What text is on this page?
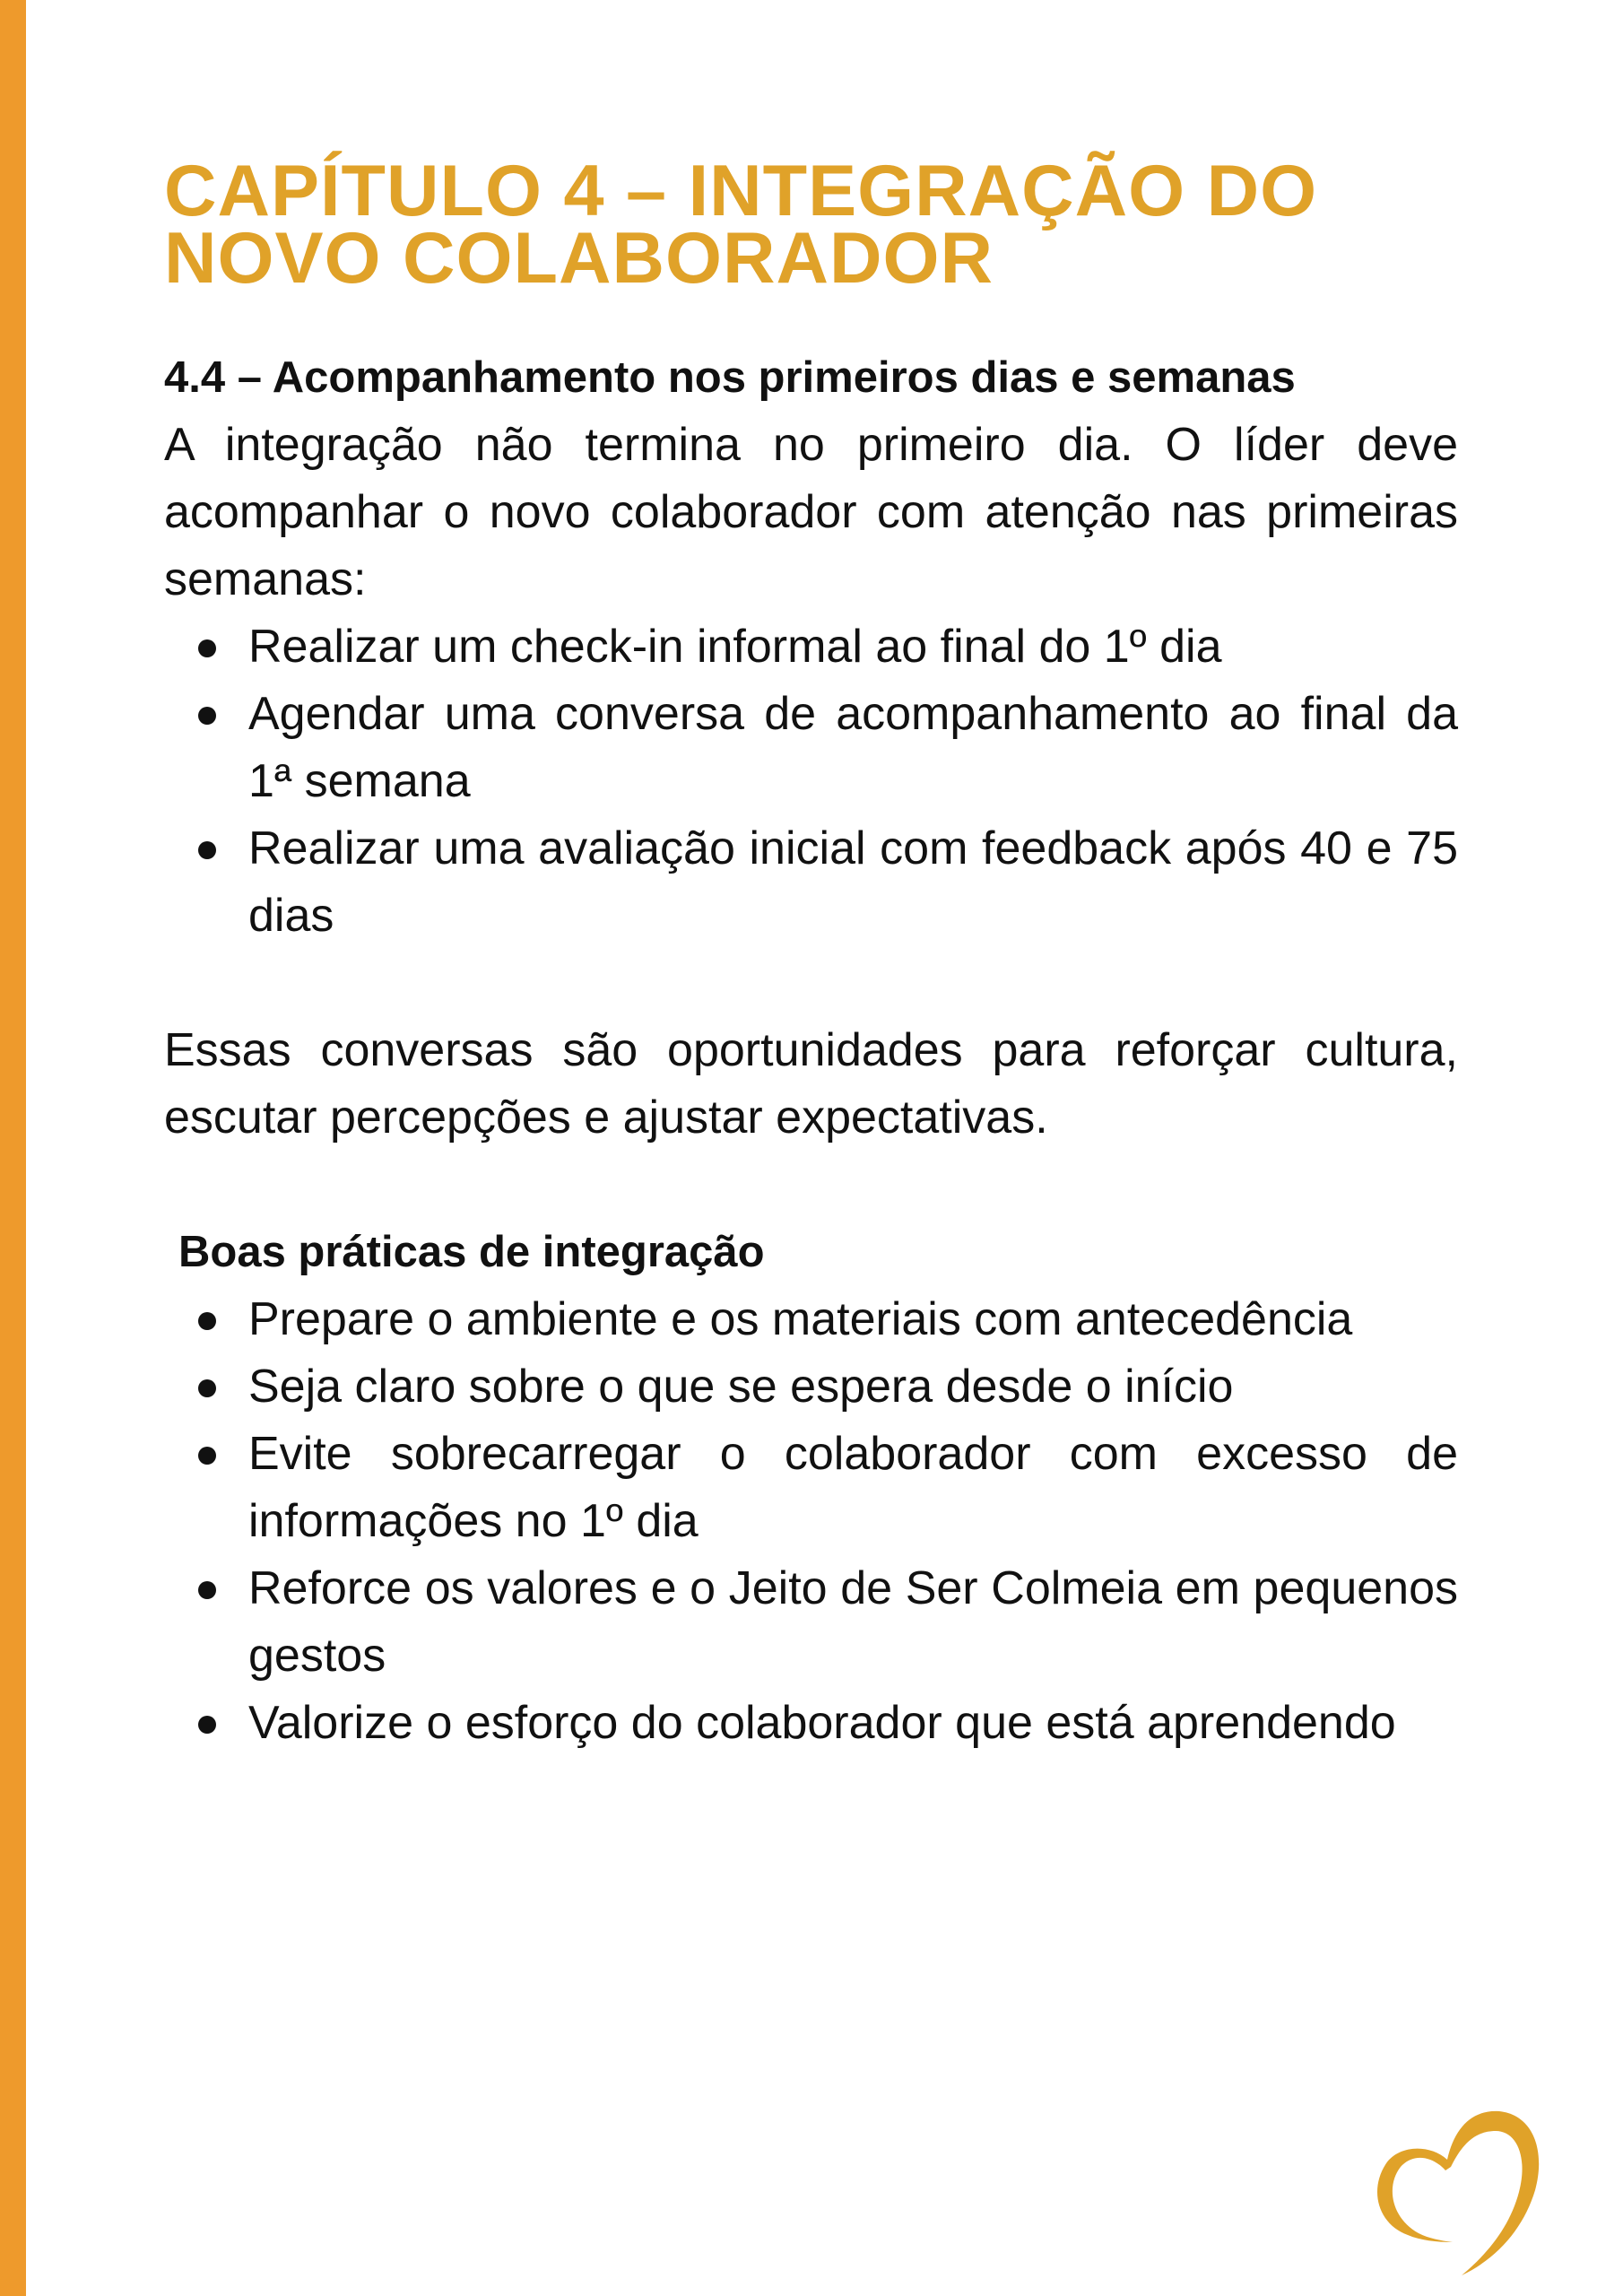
CAPÍTULO 4 – INTEGRAÇÃO DO
NOVO COLABORADOR
4.4 – Acompanhamento nos primeiros dias e semanas

A integração não termina no primeiro dia. O líder deve acompanhar o novo colaborador com atenção nas primeiras semanas:

Realizar um check-in informal ao final do 1º dia
Agendar uma conversa de acompanhamento ao final da 1ª semana
Realizar uma avaliação inicial com feedback após 40 e 75 dias

Essas conversas são oportunidades para reforçar cultura, escutar percepções e ajustar expectativas.

Boas práticas de integração
Prepare o ambiente e os materiais com antecedência
Seja claro sobre o que se espera desde o início
Evite sobrecarregar o colaborador com excesso de informações no 1º dia
Reforce os valores e o Jeito de Ser Colmeia em pequenos gestos
Valorize o esforço do colaborador que está aprendendo
